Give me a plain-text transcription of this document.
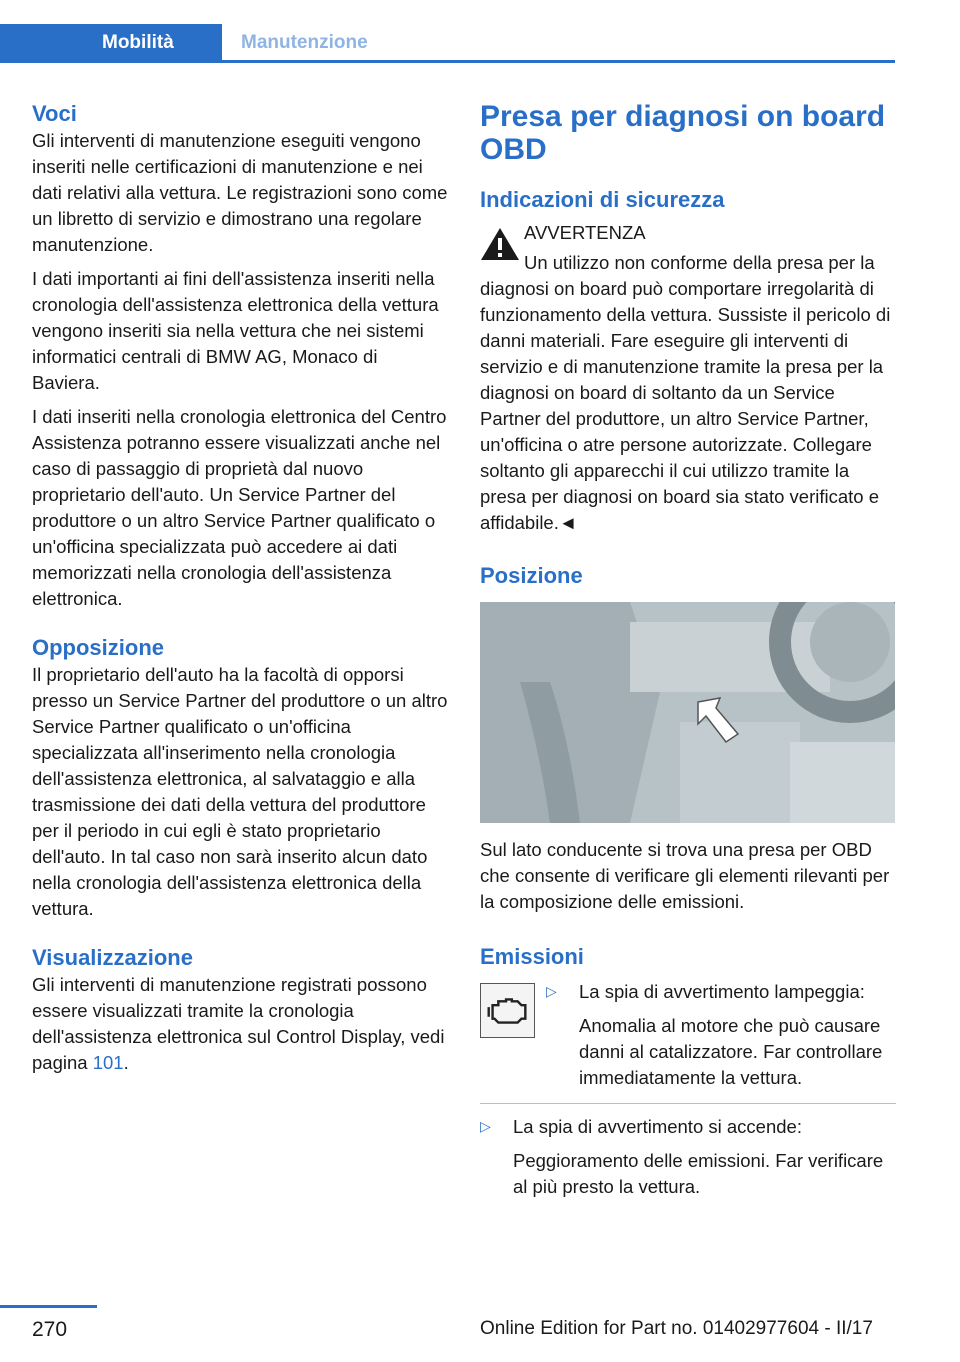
Mobilità	Manutenzione
Voci

Gli interventi di manutenzione eseguiti vengono inseriti nelle certificazioni di manutenzione e nei dati relativi alla vettura. Le registrazioni sono come un libretto di servizio e dimostrano una regolare manutenzione.

I dati importanti ai fini dell'assistenza inseriti nella cronologia dell'assistenza elettronica della vettura vengono inseriti sia nella vettura che nei sistemi informatici centrali di BMW AG, Monaco di Baviera.

I dati inseriti nella cronologia elettronica del Centro Assistenza potranno essere visualizzati anche nel caso di passaggio di proprietà dal nuovo proprietario dell'auto. Un Service Partner del produttore o un altro Service Partner qualificato o un'officina specializzata può accedere ai dati memorizzati nella cronologia dell'assistenza elettronica.

Opposizione

Il proprietario dell'auto ha la facoltà di opporsi presso un Service Partner del produttore o un altro Service Partner qualificato o un'officina specializzata all'inserimento nella cronologia dell'assistenza elettronica, al salvataggio e alla trasmissione dei dati della vettura del produttore per il periodo in cui egli è stato proprietario dell'auto. In tal caso non sarà inserito alcun dato nella cronologia dell'assistenza elettronica della vettura.

Visualizzazione

Gli interventi di manutenzione registrati possono essere visualizzati tramite la cronologia dell'assistenza elettronica sul Control Display, vedi pagina 101.

Presa per diagnosi on board OBD
Indicazioni di sicurezza

AVVERTENZA

Un utilizzo non conforme della presa per la diagnosi on board può comportare irregolarità di funzionamento della vettura. Sussiste il pericolo di danni materiali. Fare eseguire gli interventi di servizio e di manutenzione tramite la presa per la diagnosi on board di soltanto da un Service Partner del produttore, un altro Service Partner, un'officina o atre persone autorizzate. Collegare soltanto gli apparecchi il cui utilizzo tramite la presa per diagnosi on board sia stato verificato e affidabile.◄

Posizione

Sul lato conducente si trova una presa per OBD che consente di verificare gli elementi rilevanti per la composizione delle emissioni.

Emissioni
▷ La spia di avvertimento lampeggia:

Anomalia al motore che può causare danni al catalizzatore. Far controllare immediatamente la vettura.

▷ La spia di avvertimento si accende:

Peggioramento delle emissioni. Far verificare al più presto la vettura.

270	Online Edition for Part no. 01402977604 - II/17
